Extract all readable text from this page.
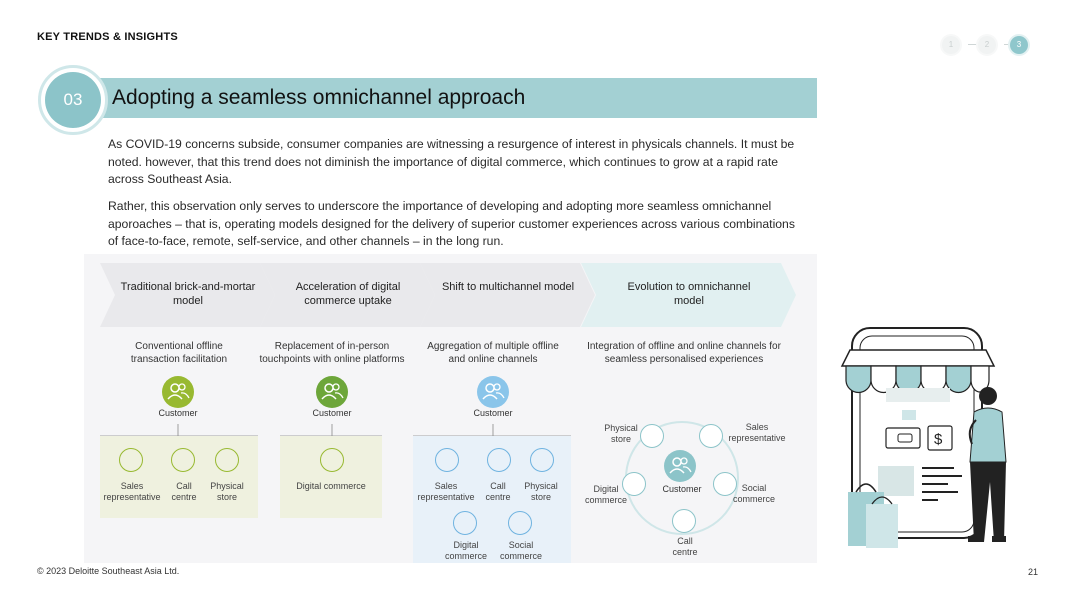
KEY TRENDS & INSIGHTS
1	2	3
03	Adopting a seamless omnichannel approach

As COVID-19 concerns subside, consumer companies are witnessing a resurgence of interest in physicals channels. It must be noted. however, that this trend does not diminish the importance of digital commerce, which continues to grow at a rapid rate across Southeast Asia.

Rather, this observation only serves to underscore the importance of developing and adopting more seamless omnichannel aporoaches – that is, operating models designed for the delivery of superior customer experiences across various combinations of face-to-face, remote, self-service, and other channels – in the long run.

Traditional brick-and-mortar model
Acceleration of digital commerce uptake
Shift to multichannel model	Evolution to omnichannel model
Conventional offline transaction facilitation
Replacement of in-person touchpoints with online platforms
Aggregation of multiple offline and online channels
Integration of offline and online channels for seamless personalised experiences
Customer
Sales representative
Call centre
Physical store
Customer
Digital commerce
Customer
Sales representative
Call centre
Physical store
Digital commerce
Social commerce
Customer
Physical store
Sales representative
Digital commerce
Social commerce
Call centre
$
© 2023 Deloitte Southeast Asia Ltd.	21
